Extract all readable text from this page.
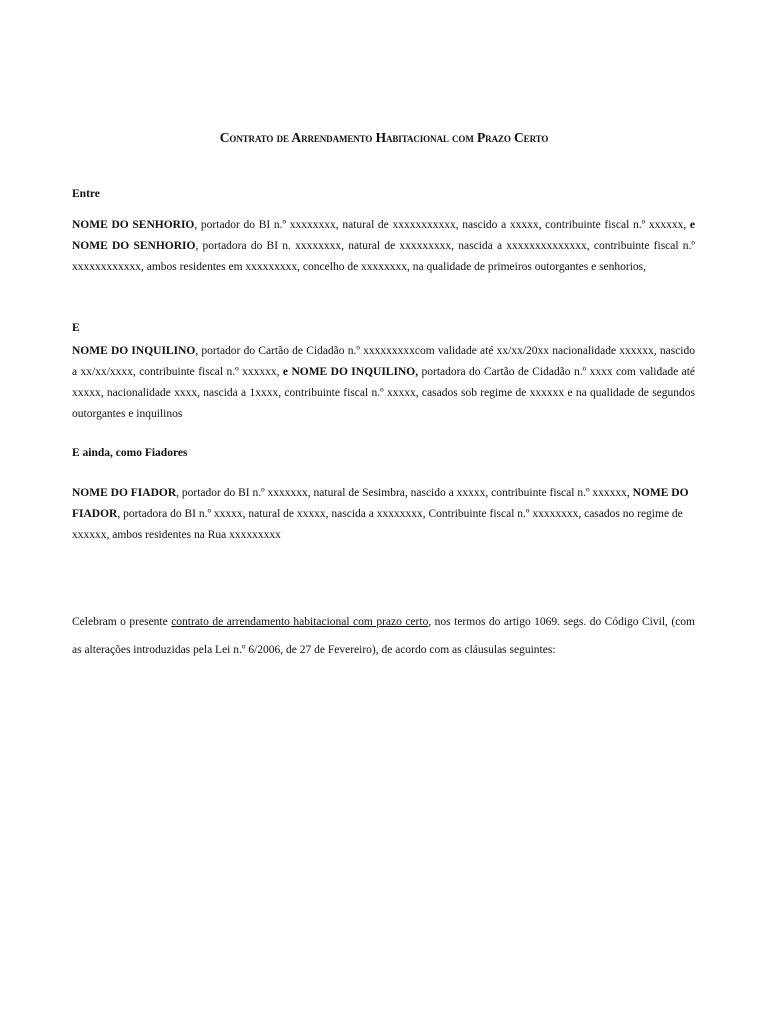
Contrato de Arrendamento Habitacional com Prazo Certo
Entre
NOME DO SENHORIO, portador do BI n.º xxxxxxxx, natural de xxxxxxxxxxx, nascido a xxxxx, contribuinte fiscal n.º xxxxxx, e NOME DO SENHORIO, portadora do BI n. xxxxxxxx, natural de xxxxxxxxx, nascida a xxxxxxxxxxxxxx, contribuinte fiscal n.º xxxxxxxxxxxx, ambos residentes em xxxxxxxxx, concelho de xxxxxxxx, na qualidade de primeiros outorgantes e senhorios,
E
NOME DO INQUILINO, portador do Cartão de Cidadão n.º xxxxxxxxxcom validade até xx/xx/20xx nacionalidade xxxxxx, nascido a xx/xx/xxxx, contribuinte fiscal n.º xxxxxx, e NOME DO INQUILINO, portadora do Cartão de Cidadão n.º xxxx com validade até xxxxx, nacionalidade xxxx, nascida a 1xxxx, contribuinte fiscal n.º xxxxx, casados sob regime de xxxxxx e na qualidade de segundos outorgantes e inquilinos
E ainda, como Fiadores
NOME DO FIADOR, portador do BI n.º xxxxxxx, natural de Sesimbra, nascido a xxxxx, contribuinte fiscal n.º xxxxxx, NOME DO FIADOR, portadora do BI n.º xxxxx, natural de xxxxx, nascida a xxxxxxxx, Contribuinte fiscal n.º xxxxxxxx, casados no regime de xxxxxx, ambos residentes na Rua xxxxxxxxx
Celebram o presente contrato de arrendamento habitacional com prazo certo, nos termos do artigo 1069. segs. do Código Civil, (com as alterações introduzidas pela Lei n.º 6/2006, de 27 de Fevereiro), de acordo com as cláusulas seguintes:
